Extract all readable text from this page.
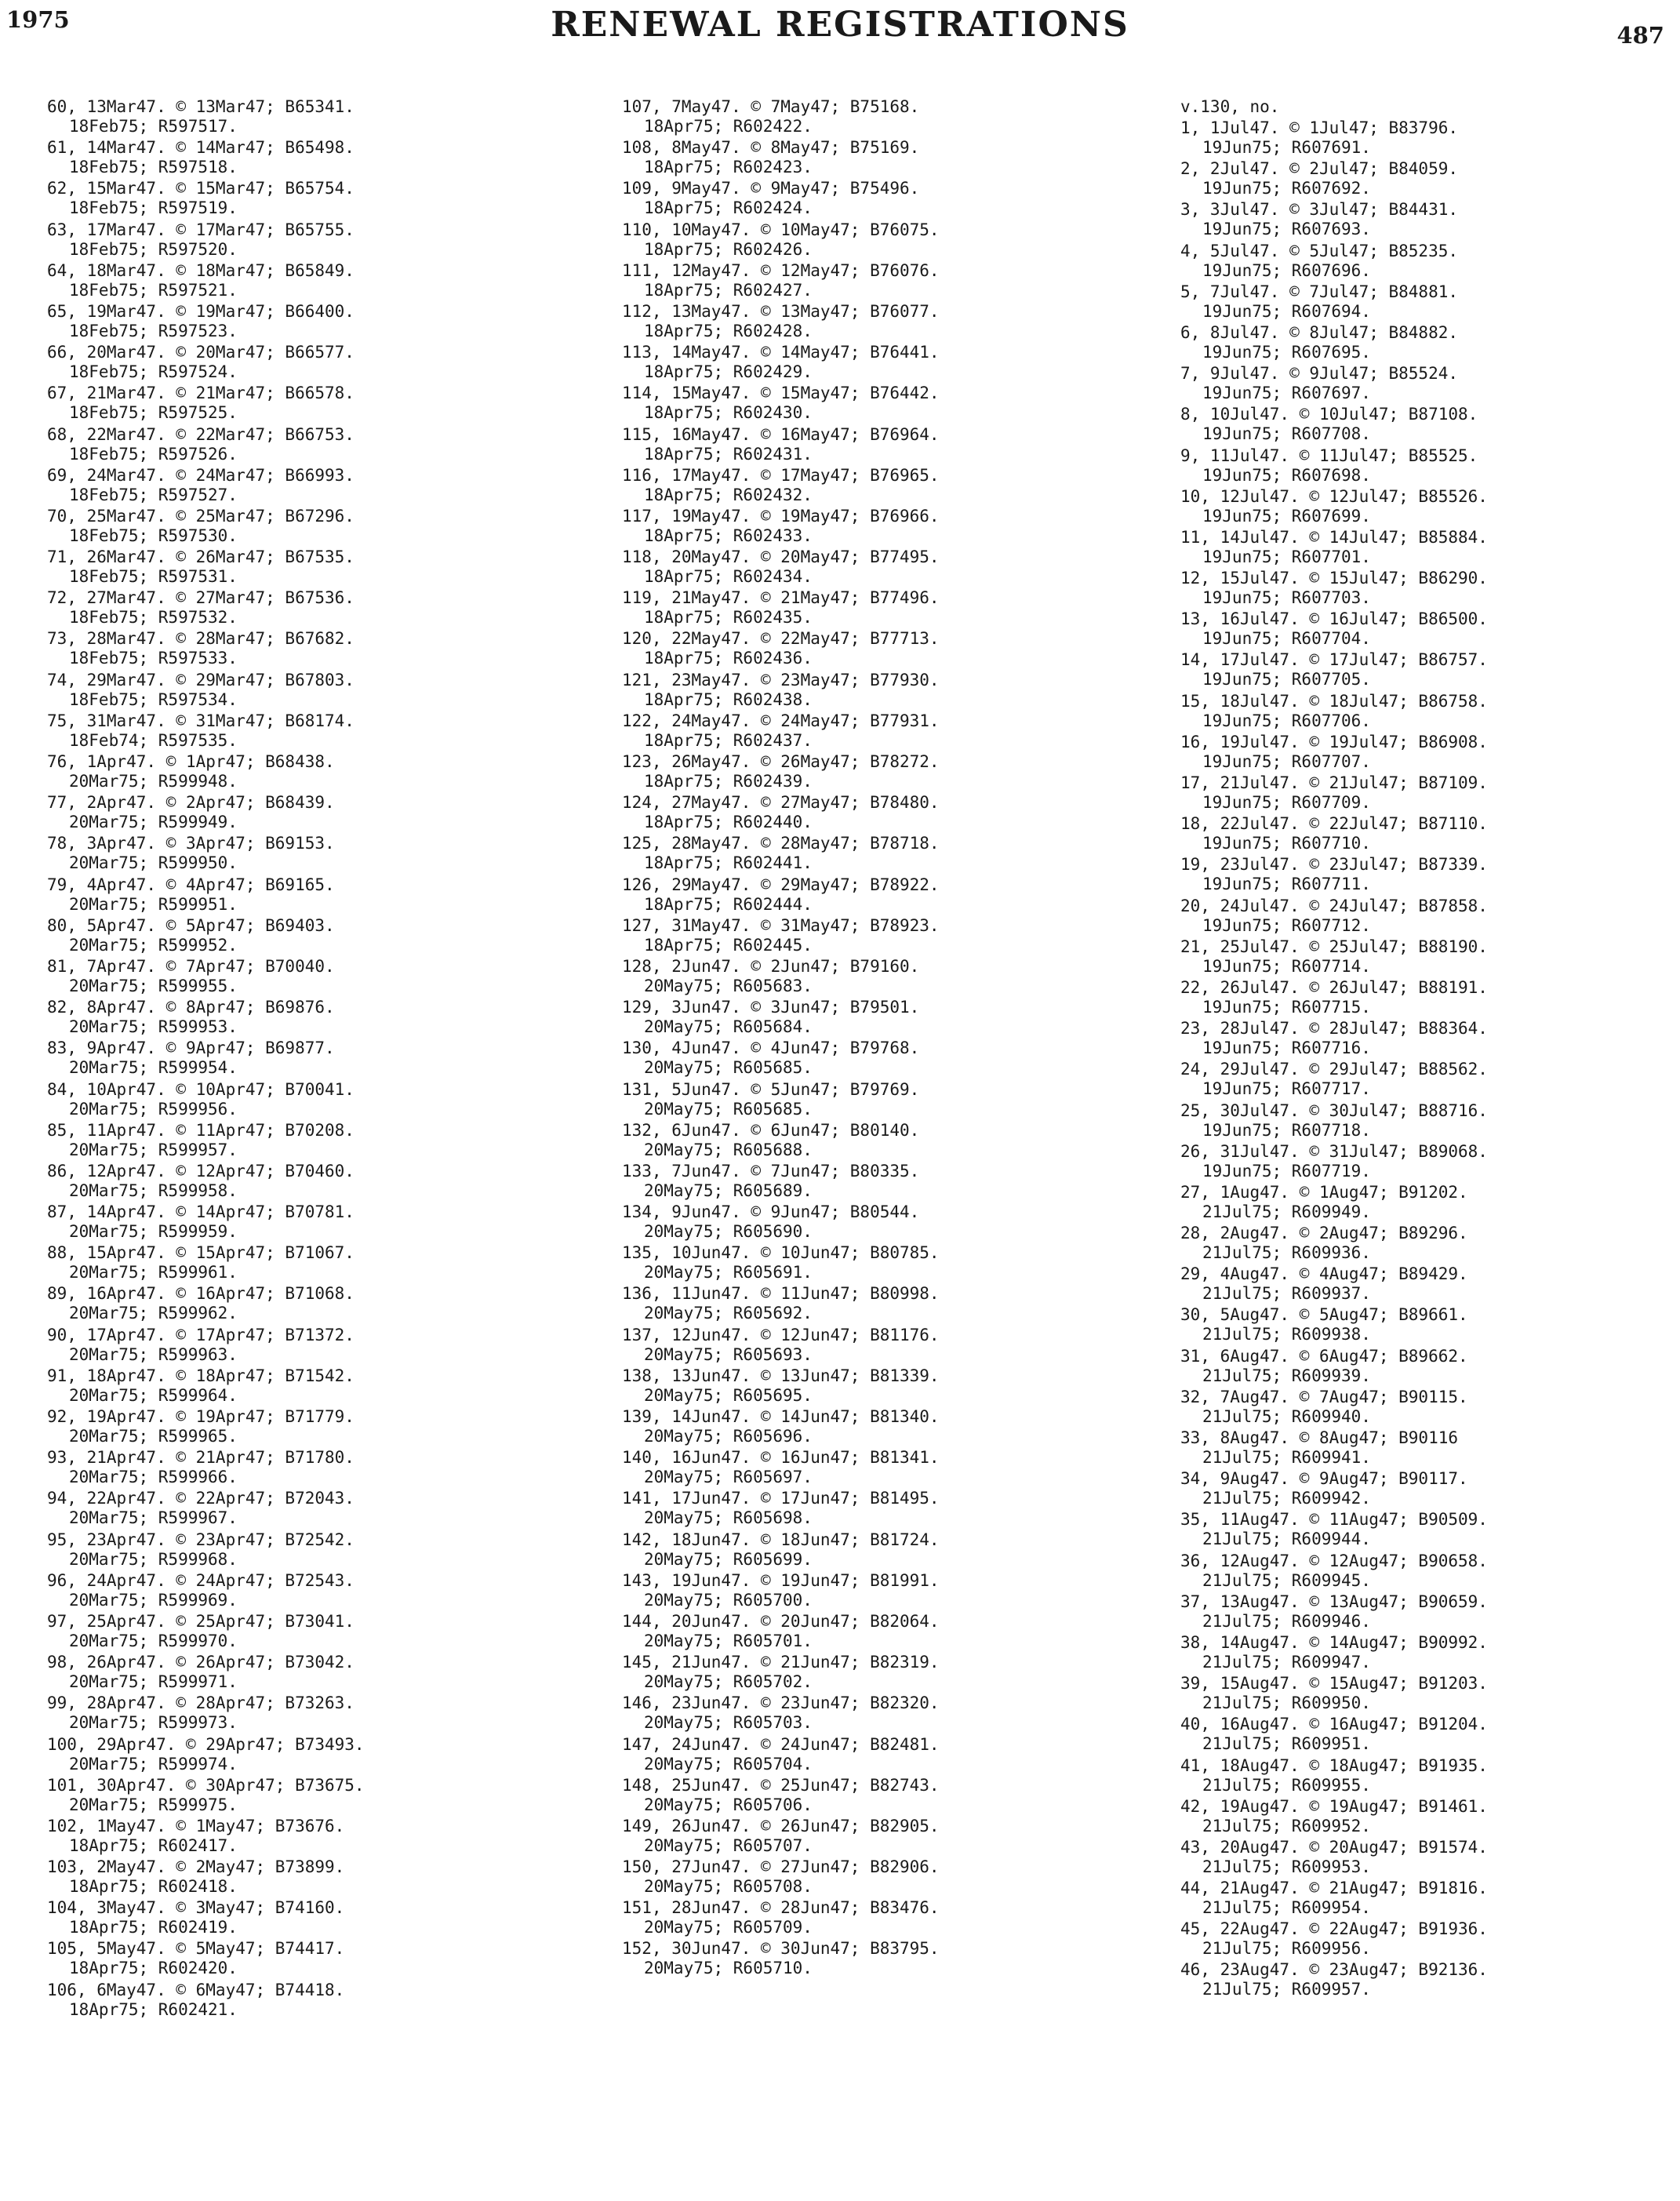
1975	RENEWAL REGISTRATIONS	487
60, 13Mar47. © 13Mar47; B65341.
18Feb75; R597517.
61, 14Mar47. © 14Mar47; B65498.
18Feb75; R597518.
62, 15Mar47. © 15Mar47; B65754.
18Feb75; R597519.
63, 17Mar47. © 17Mar47; B65755.
18Feb75; R597520.
64, 18Mar47. © 18Mar47; B65849.
18Feb75; R597521.
65, 19Mar47. © 19Mar47; B66400.
18Feb75; R597523.
66, 20Mar47. © 20Mar47; B66577.
18Feb75; R597524.
67, 21Mar47. © 21Mar47; B66578.
18Feb75; R597525.
68, 22Mar47. © 22Mar47; B66753.
18Feb75; R597526.
69, 24Mar47. © 24Mar47; B66993.
18Feb75; R597527.
70, 25Mar47. © 25Mar47; B67296.
18Feb75; R597530.
71, 26Mar47. © 26Mar47; B67535.
18Feb75; R597531.
72, 27Mar47. © 27Mar47; B67536.
18Feb75; R597532.
73, 28Mar47. © 28Mar47; B67682.
18Feb75; R597533.
74, 29Mar47. © 29Mar47; B67803.
18Feb75; R597534.
75, 31Mar47. © 31Mar47; B68174.
18Feb74; R597535.
76, 1Apr47. © 1Apr47; B68438.
20Mar75; R599948.
77, 2Apr47. © 2Apr47; B68439.
20Mar75; R599949.
78, 3Apr47. © 3Apr47; B69153.
20Mar75; R599950.
79, 4Apr47. © 4Apr47; B69165.
20Mar75; R599951.
80, 5Apr47. © 5Apr47; B69403.
20Mar75; R599952.
81, 7Apr47. © 7Apr47; B70040.
20Mar75; R599955.
82, 8Apr47. © 8Apr47; B69876.
20Mar75; R599953.
83, 9Apr47. © 9Apr47; B69877.
20Mar75; R599954.
84, 10Apr47. © 10Apr47; B70041.
20Mar75; R599956.
85, 11Apr47. © 11Apr47; B70208.
20Mar75; R599957.
86, 12Apr47. © 12Apr47; B70460.
20Mar75; R599958.
87, 14Apr47. © 14Apr47; B70781.
20Mar75; R599959.
88, 15Apr47. © 15Apr47; B71067.
20Mar75; R599961.
89, 16Apr47. © 16Apr47; B71068.
20Mar75; R599962.
90, 17Apr47. © 17Apr47; B71372.
20Mar75; R599963.
91, 18Apr47. © 18Apr47; B71542.
20Mar75; R599964.
92, 19Apr47. © 19Apr47; B71779.
20Mar75; R599965.
93, 21Apr47. © 21Apr47; B71780.
20Mar75; R599966.
94, 22Apr47. © 22Apr47; B72043.
20Mar75; R599967.
95, 23Apr47. © 23Apr47; B72542.
20Mar75; R599968.
96, 24Apr47. © 24Apr47; B72543.
20Mar75; R599969.
97, 25Apr47. © 25Apr47; B73041.
20Mar75; R599970.
98, 26Apr47. © 26Apr47; B73042.
20Mar75; R599971.
99, 28Apr47. © 28Apr47; B73263.
20Mar75; R599973.
100, 29Apr47. © 29Apr47; B73493.
20Mar75; R599974.
101, 30Apr47. © 30Apr47; B73675.
20Mar75; R599975.
102, 1May47. © 1May47; B73676.
18Apr75; R602417.
103, 2May47. © 2May47; B73899.
18Apr75; R602418.
104, 3May47. © 3May47; B74160.
18Apr75; R602419.
105, 5May47. © 5May47; B74417.
18Apr75; R602420.
106, 6May47. © 6May47; B74418.
18Apr75; R602421.
107, 7May47. © 7May47; B75168.
18Apr75; R602422.
108, 8May47. © 8May47; B75169.
18Apr75; R602423.
109, 9May47. © 9May47; B75496.
18Apr75; R602424.
110, 10May47. © 10May47; B76075.
18Apr75; R602426.
111, 12May47. © 12May47; B76076.
18Apr75; R602427.
112, 13May47. © 13May47; B76077.
18Apr75; R602428.
113, 14May47. © 14May47; B76441.
18Apr75; R602429.
114, 15May47. © 15May47; B76442.
18Apr75; R602430.
115, 16May47. © 16May47; B76964.
18Apr75; R602431.
116, 17May47. © 17May47; B76965.
18Apr75; R602432.
117, 19May47. © 19May47; B76966.
18Apr75; R602433.
118, 20May47. © 20May47; B77495.
18Apr75; R602434.
119, 21May47. © 21May47; B77496.
18Apr75; R602435.
120, 22May47. © 22May47; B77713.
18Apr75; R602436.
121, 23May47. © 23May47; B77930.
18Apr75; R602438.
122, 24May47. © 24May47; B77931.
18Apr75; R602437.
123, 26May47. © 26May47; B78272.
18Apr75; R602439.
124, 27May47. © 27May47; B78480.
18Apr75; R602440.
125, 28May47. © 28May47; B78718.
18Apr75; R602441.
126, 29May47. © 29May47; B78922.
18Apr75; R602444.
127, 31May47. © 31May47; B78923.
18Apr75; R602445.
128, 2Jun47. © 2Jun47; B79160.
20May75; R605683.
129, 3Jun47. © 3Jun47; B79501.
20May75; R605684.
130, 4Jun47. © 4Jun47; B79768.
20May75; R605685.
131, 5Jun47. © 5Jun47; B79769.
20May75; R605685.
132, 6Jun47. © 6Jun47; B80140.
20May75; R605688.
133, 7Jun47. © 7Jun47; B80335.
20May75; R605689.
134, 9Jun47. © 9Jun47; B80544.
20May75; R605690.
135, 10Jun47. © 10Jun47; B80785.
20May75; R605691.
136, 11Jun47. © 11Jun47; B80998.
20May75; R605692.
137, 12Jun47. © 12Jun47; B81176.
20May75; R605693.
138, 13Jun47. © 13Jun47; B81339.
20May75; R605695.
139, 14Jun47. © 14Jun47; B81340.
20May75; R605696.
140, 16Jun47. © 16Jun47; B81341.
20May75; R605697.
141, 17Jun47. © 17Jun47; B81495.
20May75; R605698.
142, 18Jun47. © 18Jun47; B81724.
20May75; R605699.
143, 19Jun47. © 19Jun47; B81991.
20May75; R605700.
144, 20Jun47. © 20Jun47; B82064.
20May75; R605701.
145, 21Jun47. © 21Jun47; B82319.
20May75; R605702.
146, 23Jun47. © 23Jun47; B82320.
20May75; R605703.
147, 24Jun47. © 24Jun47; B82481.
20May75; R605704.
148, 25Jun47. © 25Jun47; B82743.
20May75; R605706.
149, 26Jun47. © 26Jun47; B82905.
20May75; R605707.
150, 27Jun47. © 27Jun47; B82906.
20May75; R605708.
151, 28Jun47. © 28Jun47; B83476.
20May75; R605709.
152, 30Jun47. © 30Jun47; B83795.
20May75; R605710.
v.130, no.
1, 1Jul47. © 1Jul47; B83796.
19Jun75; R607691.
2, 2Jul47. © 2Jul47; B84059.
19Jun75; R607692.
3, 3Jul47. © 3Jul47; B84431.
19Jun75; R607693.
4, 5Jul47. © 5Jul47; B85235.
19Jun75; R607696.
5, 7Jul47. © 7Jul47; B84881.
19Jun75; R607694.
6, 8Jul47. © 8Jul47; B84882.
19Jun75; R607695.
7, 9Jul47. © 9Jul47; B85524.
19Jun75; R607697.
8, 10Jul47. © 10Jul47; B87108.
19Jun75; R607708.
9, 11Jul47. © 11Jul47; B85525.
19Jun75; R607698.
10, 12Jul47. © 12Jul47; B85526.
19Jun75; R607699.
11, 14Jul47. © 14Jul47; B85884.
19Jun75; R607701.
12, 15Jul47. © 15Jul47; B86290.
19Jun75; R607703.
13, 16Jul47. © 16Jul47; B86500.
19Jun75; R607704.
14, 17Jul47. © 17Jul47; B86757.
19Jun75; R607705.
15, 18Jul47. © 18Jul47; B86758.
19Jun75; R607706.
16, 19Jul47. © 19Jul47; B86908.
19Jun75; R607707.
17, 21Jul47. © 21Jul47; B87109.
19Jun75; R607709.
18, 22Jul47. © 22Jul47; B87110.
19Jun75; R607710.
19, 23Jul47. © 23Jul47; B87339.
19Jun75; R607711.
20, 24Jul47. © 24Jul47; B87858.
19Jun75; R607712.
21, 25Jul47. © 25Jul47; B88190.
19Jun75; R607714.
22, 26Jul47. © 26Jul47; B88191.
19Jun75; R607715.
23, 28Jul47. © 28Jul47; B88364.
19Jun75; R607716.
24, 29Jul47. © 29Jul47; B88562.
19Jun75; R607717.
25, 30Jul47. © 30Jul47; B88716.
19Jun75; R607718.
26, 31Jul47. © 31Jul47; B89068.
19Jun75; R607719.
27, 1Aug47. © 1Aug47; B91202.
21Jul75; R609949.
28, 2Aug47. © 2Aug47; B89296.
21Jul75; R609936.
29, 4Aug47. © 4Aug47; B89429.
21Jul75; R609937.
30, 5Aug47. © 5Aug47; B89661.
21Jul75; R609938.
31, 6Aug47. © 6Aug47; B89662.
21Jul75; R609939.
32, 7Aug47. © 7Aug47; B90115.
21Jul75; R609940.
33, 8Aug47. © 8Aug47; B90116
21Jul75; R609941.
34, 9Aug47. © 9Aug47; B90117.
21Jul75; R609942.
35, 11Aug47. © 11Aug47; B90509.
21Jul75; R609944.
36, 12Aug47. © 12Aug47; B90658.
21Jul75; R609945.
37, 13Aug47. © 13Aug47; B90659.
21Jul75; R609946.
38, 14Aug47. © 14Aug47; B90992.
21Jul75; R609947.
39, 15Aug47. © 15Aug47; B91203.
21Jul75; R609950.
40, 16Aug47. © 16Aug47; B91204.
21Jul75; R609951.
41, 18Aug47. © 18Aug47; B91935.
21Jul75; R609955.
42, 19Aug47. © 19Aug47; B91461.
21Jul75; R609952.
43, 20Aug47. © 20Aug47; B91574.
21Jul75; R609953.
44, 21Aug47. © 21Aug47; B91816.
21Jul75; R609954.
45, 22Aug47. © 22Aug47; B91936.
21Jul75; R609956.
46, 23Aug47. © 23Aug47; B92136.
21Jul75; R609957.
